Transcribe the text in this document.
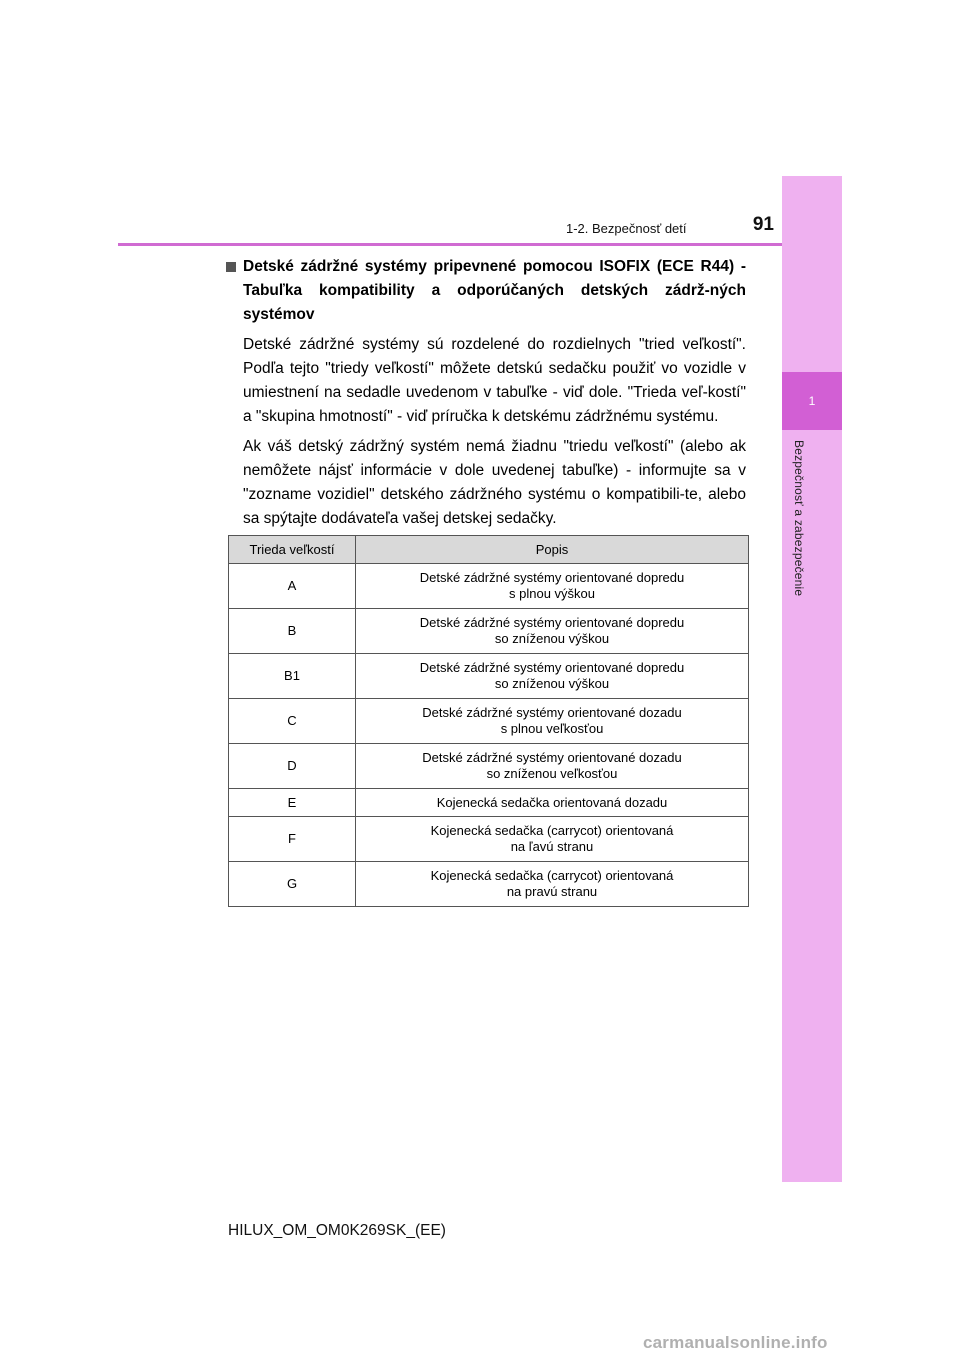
1
Bezpečnosť a zabezpečenie
1-2. Bezpečnosť detí	91
Detské zádržné systémy pripevnené pomocou ISOFIX (ECE R44) - Tabuľka kompatibility a odporúčaných detských zádrž-ných systémov

Detské zádržné systémy sú rozdelené do rozdielnych "tried veľkostí". Podľa tejto "triedy veľkostí" môžete detskú sedačku použiť vo vozidle v umiestnení na sedadle uvedenom v tabuľke - viď dole. "Trieda veľ-kostí" a "skupina hmotností" - viď príručka k detskému zádržnému systému.

Ak váš detský zádržný systém nemá žiadnu "triedu veľkostí" (alebo ak nemôžete nájsť informácie v dole uvedenej tabuľke) - informujte sa v "zozname vozidiel" detského zádržného systému o kompatibili-te, alebo sa spýtajte dodávateľa vašej detskej sedačky.

Trieda veľkostí	Popis
A	Detské zádržné systémy orientované dopredu
s plnou výškou
B	Detské zádržné systémy orientované dopredu
so zníženou výškou
B1	Detské zádržné systémy orientované dopredu
so zníženou výškou
C	Detské zádržné systémy orientované dozadu
s plnou veľkosťou
D	Detské zádržné systémy orientované dozadu
so zníženou veľkosťou
E	Kojenecká sedačka orientovaná dozadu
F	Kojenecká sedačka (carrycot) orientovaná
na ľavú stranu
G	Kojenecká sedačka (carrycot) orientovaná
na pravú stranu
HILUX_OM_OM0K269SK_(EE)
carmanualsonline.info
